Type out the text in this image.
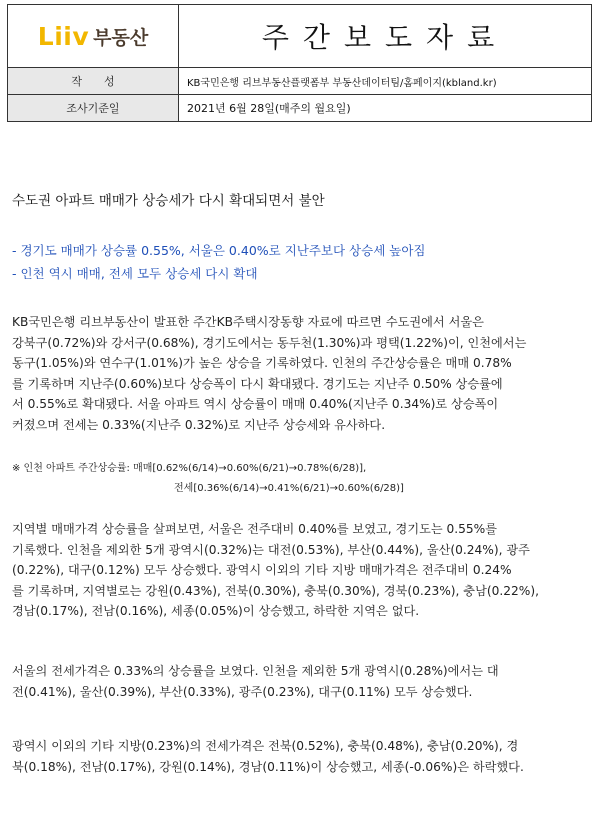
Liiv 부동산	주간보도자료
작성	KB국민은행 리브부동산플랫폼부 부동산데이터팀/홈페이지(kbland.kr)
조사기준일	2021년 6월 28일(매주의 월요일)
수도권 아파트 매매가 상승세가 다시 확대되면서 불안
- 경기도 매매가 상승률 0.55%, 서울은 0.40%로 지난주보다 상승세 높아짐
- 인천 역시 매매, 전세 모두 상승세 다시 확대
KB국민은행 리브부동산이 발표한 주간KB주택시장동향 자료에 따르면 수도권에서 서울은
강북구(0.72%)와 강서구(0.68%), 경기도에서는 동두천(1.30%)과 평택(1.22%)이, 인천에서는
동구(1.05%)와 연수구(1.01%)가 높은 상승을 기록하였다. 인천의 주간상승률은 매매 0.78%
를 기록하며 지난주(0.60%)보다 상승폭이 다시 확대됐다. 경기도는 지난주 0.50% 상승률에
서 0.55%로 확대됐다. 서울 아파트 역시 상승률이 매매 0.40%(지난주 0.34%)로 상승폭이
커졌으며 전세는 0.33%(지난주 0.32%)로 지난주 상승세와 유사하다.
※ 인천 아파트 주간상승률: 매매[0.62%(6/14)→0.60%(6/21)→0.78%(6/28)],
전세[0.36%(6/14)→0.41%(6/21)→0.60%(6/28)]
지역별 매매가격 상승률을 살펴보면, 서울은 전주대비 0.40%를 보였고, 경기도는 0.55%를
기록했다. 인천을 제외한 5개 광역시(0.32%)는 대전(0.53%), 부산(0.44%), 울산(0.24%), 광주
(0.22%), 대구(0.12%) 모두 상승했다. 광역시 이외의 기타 지방 매매가격은 전주대비 0.24%
를 기록하며, 지역별로는 강원(0.43%), 전북(0.30%), 충북(0.30%), 경북(0.23%), 충남(0.22%),
경남(0.17%), 전남(0.16%), 세종(0.05%)이 상승했고, 하락한 지역은 없다.
서울의 전세가격은 0.33%의 상승률을 보였다. 인천을 제외한 5개 광역시(0.28%)에서는 대
전(0.41%), 울산(0.39%), 부산(0.33%), 광주(0.23%), 대구(0.11%) 모두 상승했다.
광역시 이외의 기타 지방(0.23%)의 전세가격은 전북(0.52%), 충북(0.48%), 충남(0.20%), 경
북(0.18%), 전남(0.17%), 강원(0.14%), 경남(0.11%)이 상승했고, 세종(-0.06%)은 하락했다.
